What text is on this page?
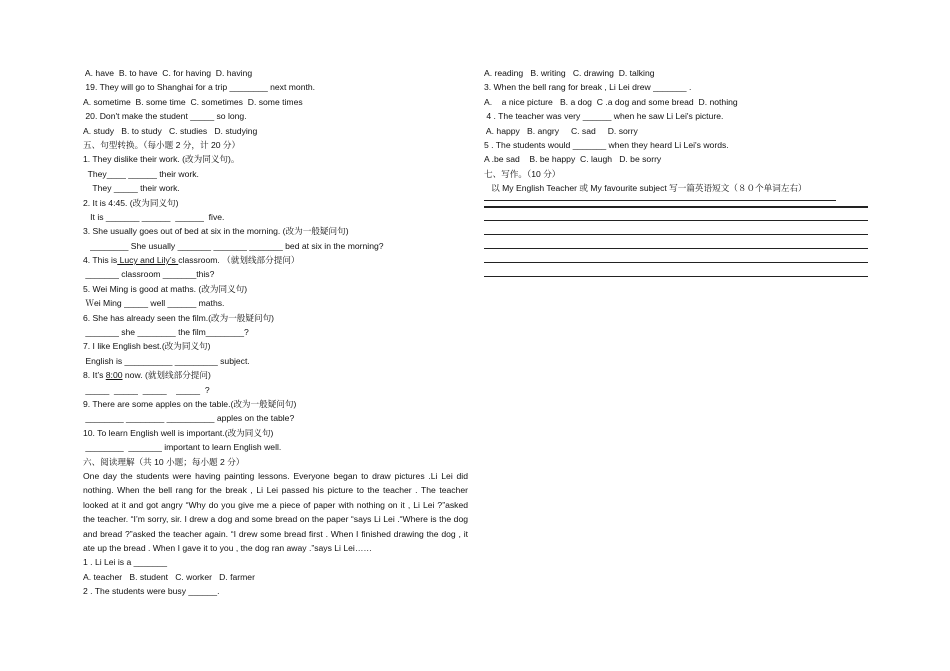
A. have  B. to have  C. for having  D. having
19. They will go to Shanghai for a trip ________ next month.
A. sometime  B. some time  C. sometimes  D. some times
20. Don't make the student _____ so long.
A. study   B. to study   C. studies   D. studying
五、句型转换。（每小题 2 分，计 20 分）
1. They dislike their work. (改为同义句)。
They____ ______ their work.
They _____ their work.
2. It is 4:45. (改为同义句)
It is _______ ______  ______  five.
3. She usually goes out of bed at six in the morning. (改为一般疑问句)
________ She usually _______ _______ _______ bed at six in the morning?
4. This is Lucy and Lily’s classroom. （就划线部分提问）
_______ classroom _______this?
5. Wei Ming is good at maths. (改为同义句)
Ｗei Ming _____ well ______ maths.
6. She has already seen the film.(改为一般疑问句)
_______ she ________ the film________?
7. I like English best.(改为同义句)
English is __________ _________ subject.
8. It’s 8:00 now. (就划线部分提问)
_____  _____  _____    _____  ?
9. There are some apples on the table.(改为一般疑问句)
________ ________ __________ apples on the table?
10. To learn English well is important.(改为同义句)
________  _______ important to learn English well.
六、阅读理解（共 10 小题；每小题 2 分）

One day the students were having painting lessons. Everyone began to draw pictures .Li Lei did nothing. When the bell rang for the break , Li Lei passed his picture to the teacher . The teacher looked at it and got angry “Why do you give me a piece of paper with nothing on it , Li Lei ?”asked the teacher. “I’m sorry, sir. I drew a dog and some bread on the paper “says Li Lei .“Where is the dog and bread ?”asked the teacher again. “I drew some bread first . When I finished drawing the dog , it ate up the bread . When I gave it to you , the dog ran away .”says Li Lei……

1 . Li Lei is a _______
A. teacher   B. student   C. worker   D. farmer
2 . The students were busy ______.
A. reading   B. writing   C. drawing  D. talking
3. When the bell rang for break , Li Lei drew _______ .
A.    a nice picture   B. a dog  C .a dog and some bread  D. nothing
4 . The teacher was very ______ when he saw Li Lei's picture.
A. happy   B. angry     C. sad     D. sorry
5 . The students would _______ when they heard Li Lei's words.
A .be sad    B. be happy  C. laugh   D. be sorry
七、写作。（10 分）
以 My English Teacher 或 My favourite subject 写一篇英语短文（８０个单词左右）
